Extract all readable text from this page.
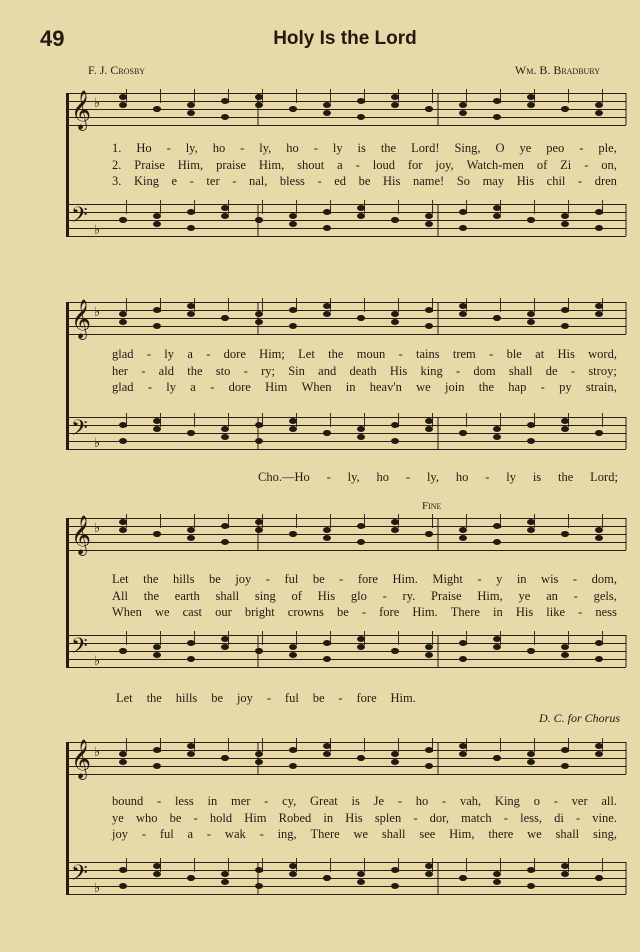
49	Holy Is the Lord
F. J. Crosby	Wm. B. Bradbury
𝄞 ♭
1. Ho - ly, ho - ly, ho - ly is the Lord! Sing, O ye peo - ple,
2. Praise Him, praise Him, shout a - loud for joy, Watch-men of Zi - on,
3. King e - ter - nal, bless - ed be His name! So may His chil - dren
𝄢 ♭
𝄞 ♭
glad - ly a - dore Him; Let the moun - tains trem - ble at His word,
her - ald the sto - ry; Sin and death His king - dom shall de - stroy;
glad - ly a - dore Him When in heav'n we join the hap - py strain,
𝄢 ♭
Cho.—Ho - ly, ho - ly, ho - ly is the Lord;
Fine
𝄞 ♭
Let the hills be joy - ful be - fore Him. Might - y in wis - dom,
All the earth shall sing of His glo - ry. Praise Him, ye an - gels,
When we cast our bright crowns be - fore Him. There in His like - ness
𝄢 ♭
Let the hills be joy - ful be - fore Him.
D. C. for Chorus
𝄞 ♭
bound - less in mer - cy, Great is Je - ho - vah, King o - ver all.
ye who be - hold Him Robed in His splen - dor, match - less, di - vine.
joy - ful a - wak - ing, There we shall see Him, there we shall sing,
𝄢 ♭
